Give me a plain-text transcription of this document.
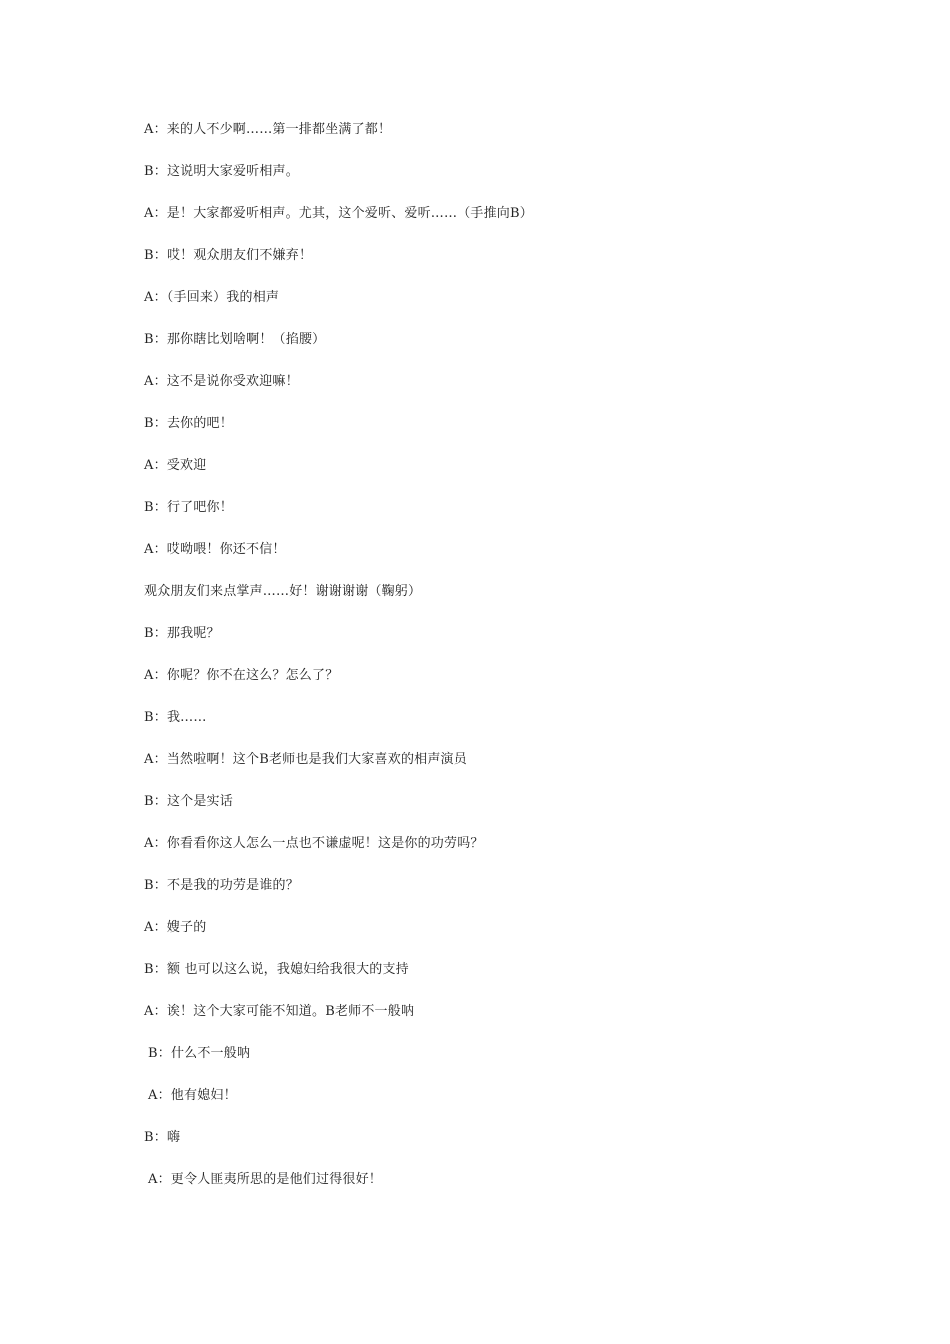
A：来的人不少啊……第一排都坐满了都！
B：这说明大家爱听相声。
A：是！大家都爱听相声。尤其，这个爱听、爱听……（手推向B）
B：哎！观众朋友们不嫌弃！
A：（手回来）我的相声
B：那你瞎比划啥啊！（掐腰）
A：这不是说你受欢迎嘛！
B：去你的吧！
A：受欢迎
B：行了吧你！
A：哎呦喂！你还不信！
观众朋友们来点掌声……好！谢谢谢谢（鞠躬）
B：那我呢？
A：你呢？你不在这么？怎么了？
B：我……
A：当然啦啊！这个B老师也是我们大家喜欢的相声演员
B：这个是实话
A：你看看你这人怎么一点也不谦虚呢！这是你的功劳吗？
B：不是我的功劳是谁的？
A：嫂子的
B：额 也可以这么说，我媳妇给我很大的支持
A：诶！这个大家可能不知道。B老师不一般呐
B：什么不一般呐
A：他有媳妇！
B：嗨
A：更令人匪夷所思的是他们过得很好！
